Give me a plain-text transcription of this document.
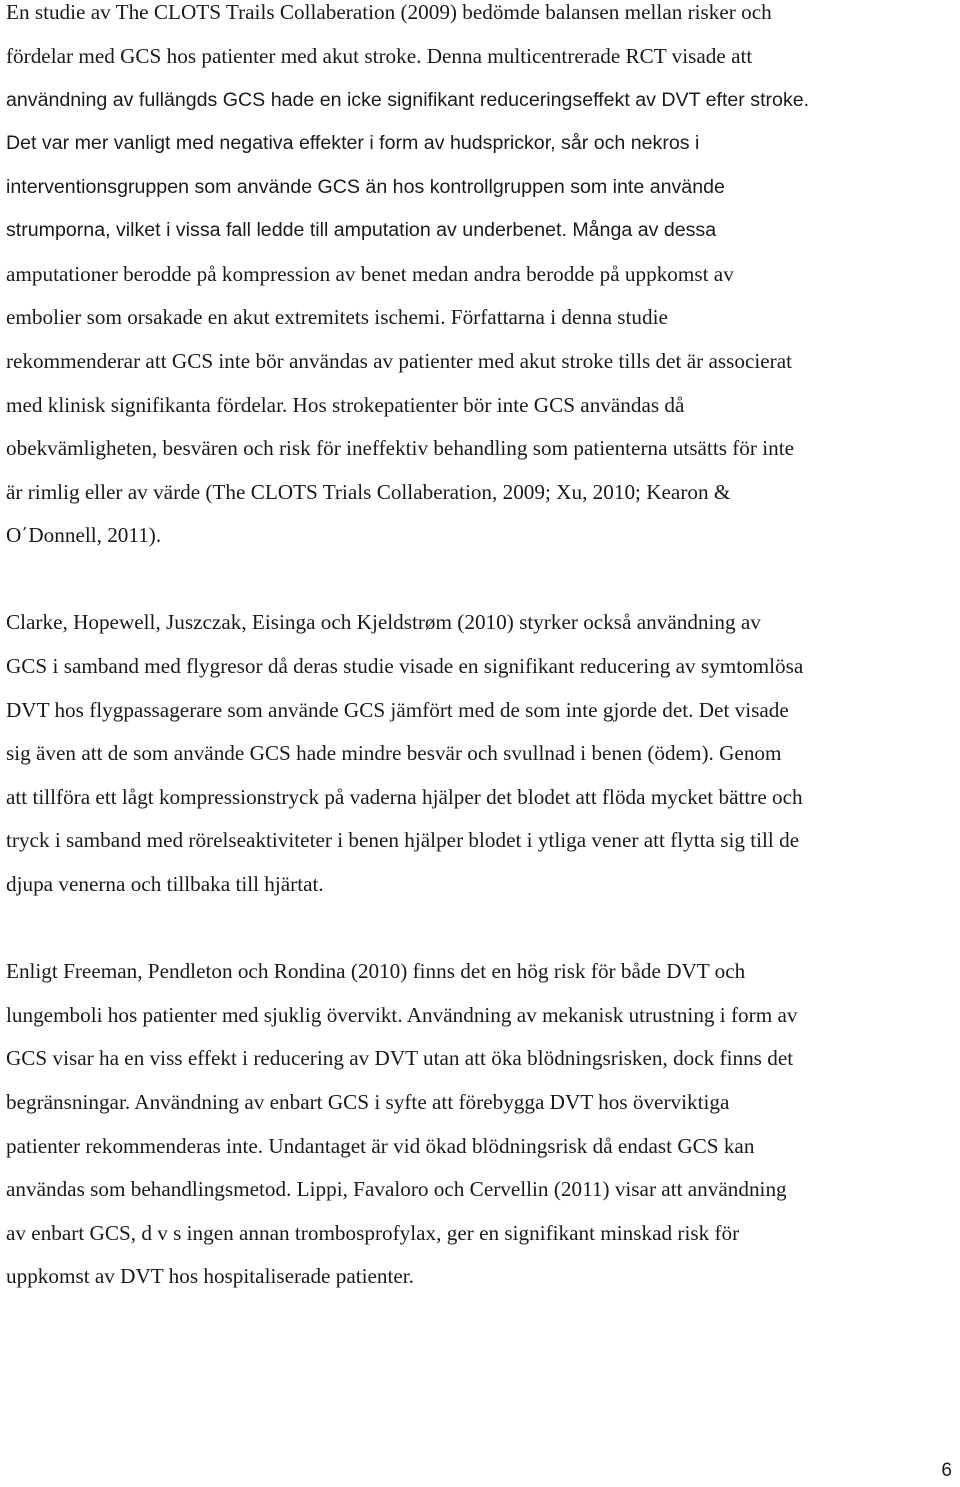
En studie av The CLOTS Trails Collaberation (2009) bedömde balansen mellan risker och
fördelar med GCS hos patienter med akut stroke. Denna multicentrerade RCT visade att
användning av fullängds GCS hade en icke signifikant reduceringseffekt av DVT efter stroke.
Det var mer vanligt med negativa effekter i form av hudsprickor, sår och nekros i
interventionsgruppen som använde GCS än hos kontrollgruppen som inte använde
strumporna, vilket i vissa fall ledde till amputation av underbenet. Många av dessa
amputationer berodde på kompression av benet medan andra berodde på uppkomst av
embolier som orsakade en akut extremitets ischemi. Författarna i denna studie
rekommenderar att GCS inte bör användas av patienter med akut stroke tills det är associerat
med klinisk signifikanta fördelar. Hos strokepatienter bör inte GCS användas då
obekvämligheten, besvären och risk för ineffektiv behandling som patienterna utsätts för inte
är rimlig eller av värde (The CLOTS Trials Collaberation, 2009; Xu, 2010; Kearon &
O΄Donnell, 2011).
Clarke, Hopewell, Juszczak, Eisinga och Kjeldstrøm (2010) styrker också användning av
GCS i samband med flygresor då deras studie visade en signifikant reducering av symtomlösa
DVT hos flygpassagerare som använde GCS jämfört med de som inte gjorde det. Det visade
sig även att de som använde GCS hade mindre besvär och svullnad i benen (ödem). Genom
att tillföra ett lågt kompressionstryck på vaderna hjälper det blodet att flöda mycket bättre och
tryck i samband med rörelseaktiviteter i benen hjälper blodet i ytliga vener att flytta sig till de
djupa venerna och tillbaka till hjärtat.
Enligt Freeman, Pendleton och Rondina (2010) finns det en hög risk för både DVT och
lungemboli hos patienter med sjuklig övervikt. Användning av mekanisk utrustning i form av
GCS visar ha en viss effekt i reducering av DVT utan att öka blödningsrisken, dock finns det
begränsningar. Användning av enbart GCS i syfte att förebygga DVT hos överviktiga
patienter rekommenderas inte. Undantaget är vid ökad blödningsrisk då endast GCS kan
användas som behandlingsmetod. Lippi, Favaloro och Cervellin (2011) visar att användning
av enbart GCS, d v s ingen annan trombosprofylax, ger en signifikant minskad risk för
uppkomst av DVT hos hospitaliserade patienter.
6
